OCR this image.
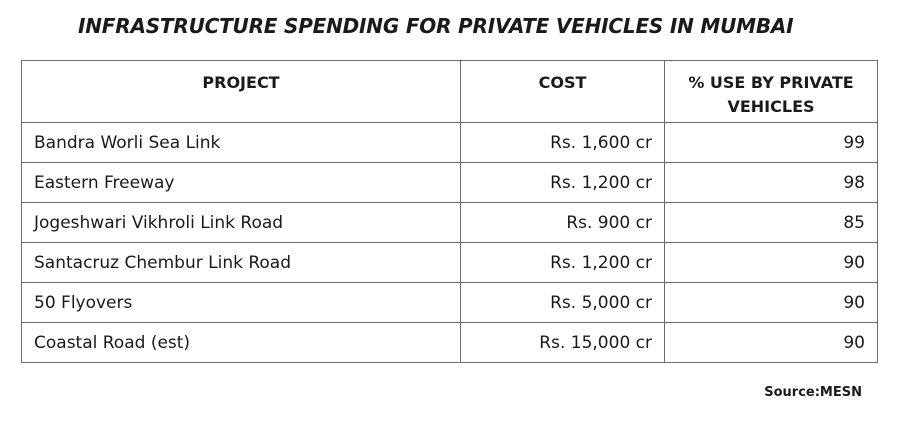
INFRASTRUCTURE SPENDING FOR PRIVATE VEHICLES IN MUMBAI
PROJECT	COST	% USE BY PRIVATE
VEHICLES
Bandra Worli Sea Link	Rs. 1,600 cr	99
Eastern Freeway	Rs. 1,200 cr	98
Jogeshwari Vikhroli Link Road	Rs. 900 cr	85
Santacruz Chembur Link Road	Rs. 1,200 cr	90
50 Flyovers	Rs. 5,000 cr	90
Coastal Road (est)	Rs. 15,000 cr	90
Source:MESN
